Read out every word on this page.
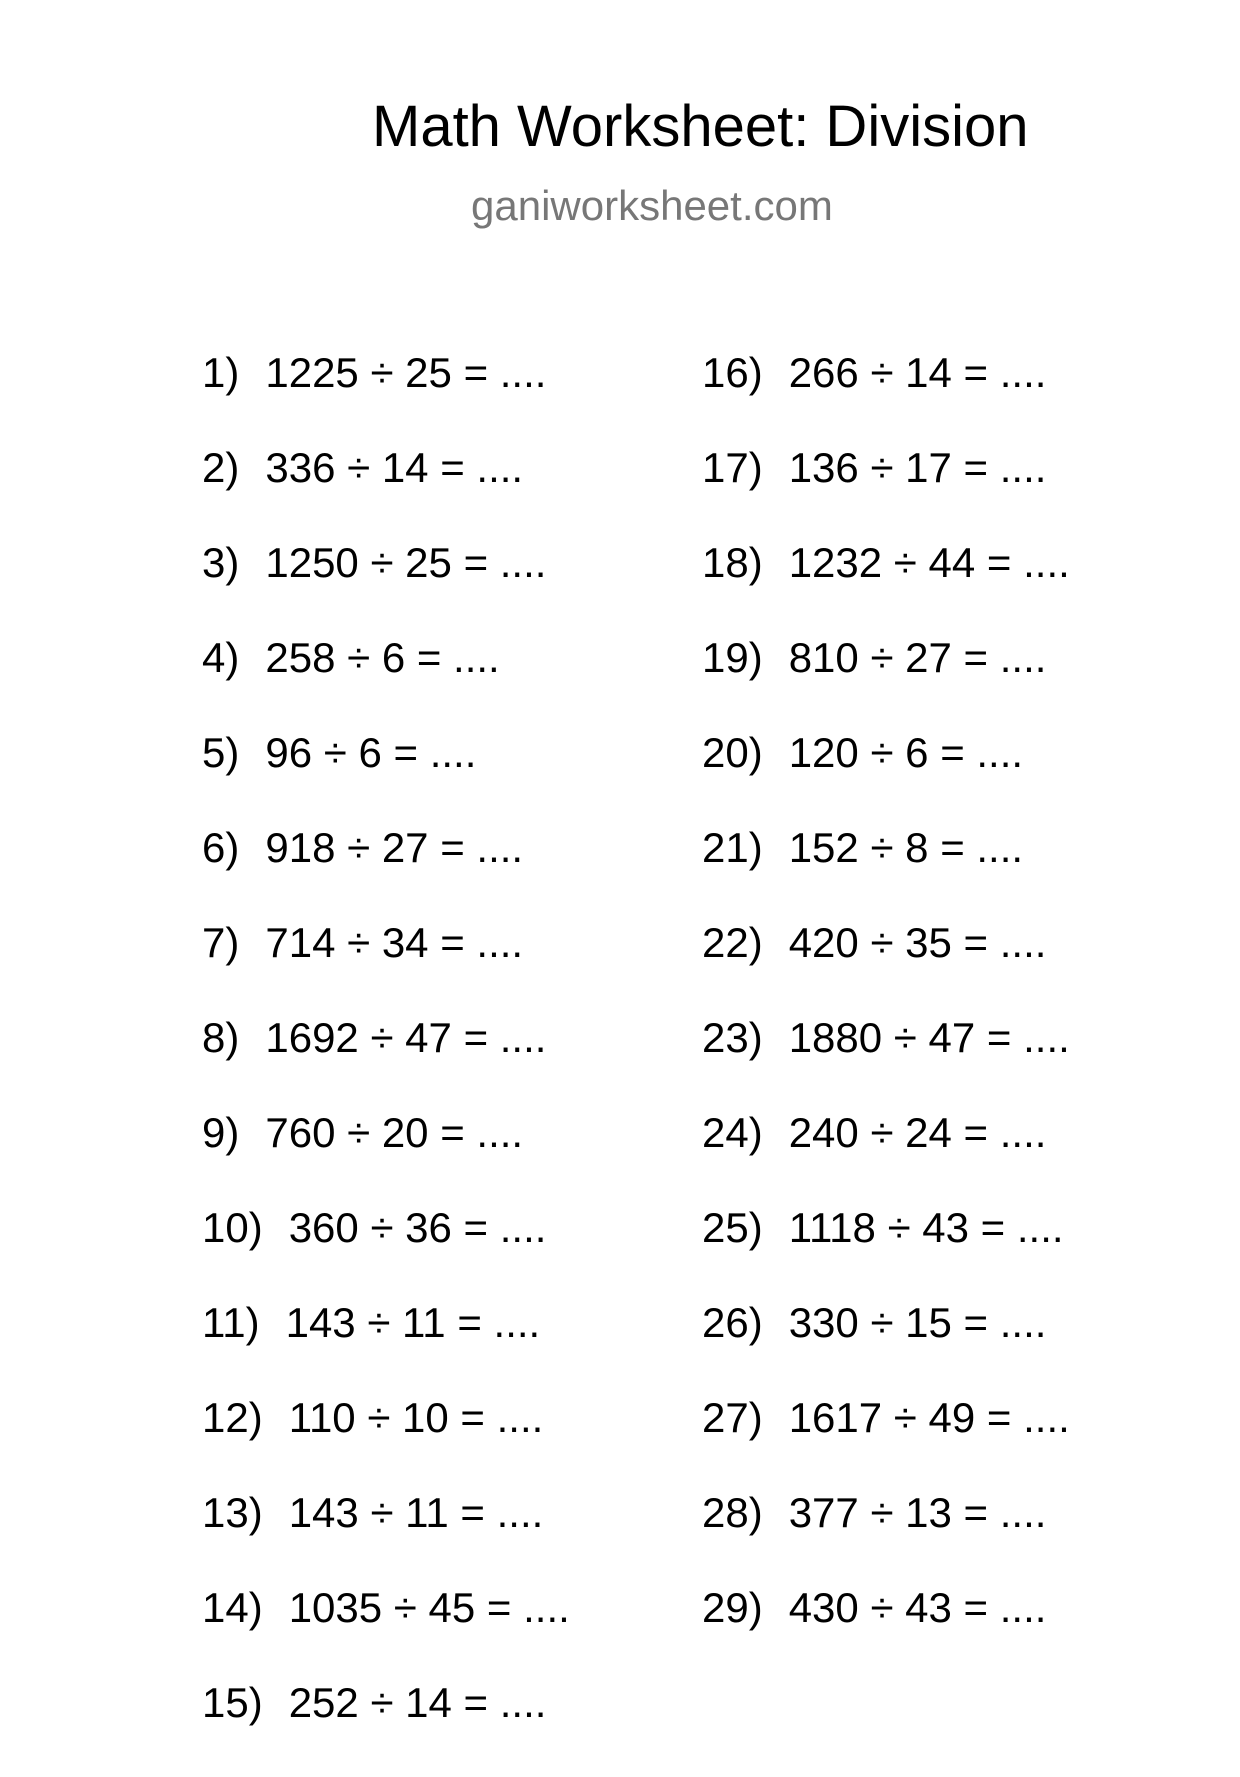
Math Worksheet: Division
ganiworksheet.com
1) 1225 ÷ 25 = ....
2) 336 ÷ 14 = ....
3) 1250 ÷ 25 = ....
4) 258 ÷ 6 = ....
5) 96 ÷ 6 = ....
6) 918 ÷ 27 = ....
7) 714 ÷ 34 = ....
8) 1692 ÷ 47 = ....
9) 760 ÷ 20 = ....
10) 360 ÷ 36 = ....
11) 143 ÷ 11 = ....
12) 110 ÷ 10 = ....
13) 143 ÷ 11 = ....
14) 1035 ÷ 45 = ....
15) 252 ÷ 14 = ....
16) 266 ÷ 14 = ....
17) 136 ÷ 17 = ....
18) 1232 ÷ 44 = ....
19) 810 ÷ 27 = ....
20) 120 ÷ 6 = ....
21) 152 ÷ 8 = ....
22) 420 ÷ 35 = ....
23) 1880 ÷ 47 = ....
24) 240 ÷ 24 = ....
25) 1118 ÷ 43 = ....
26) 330 ÷ 15 = ....
27) 1617 ÷ 49 = ....
28) 377 ÷ 13 = ....
29) 430 ÷ 43 = ....
